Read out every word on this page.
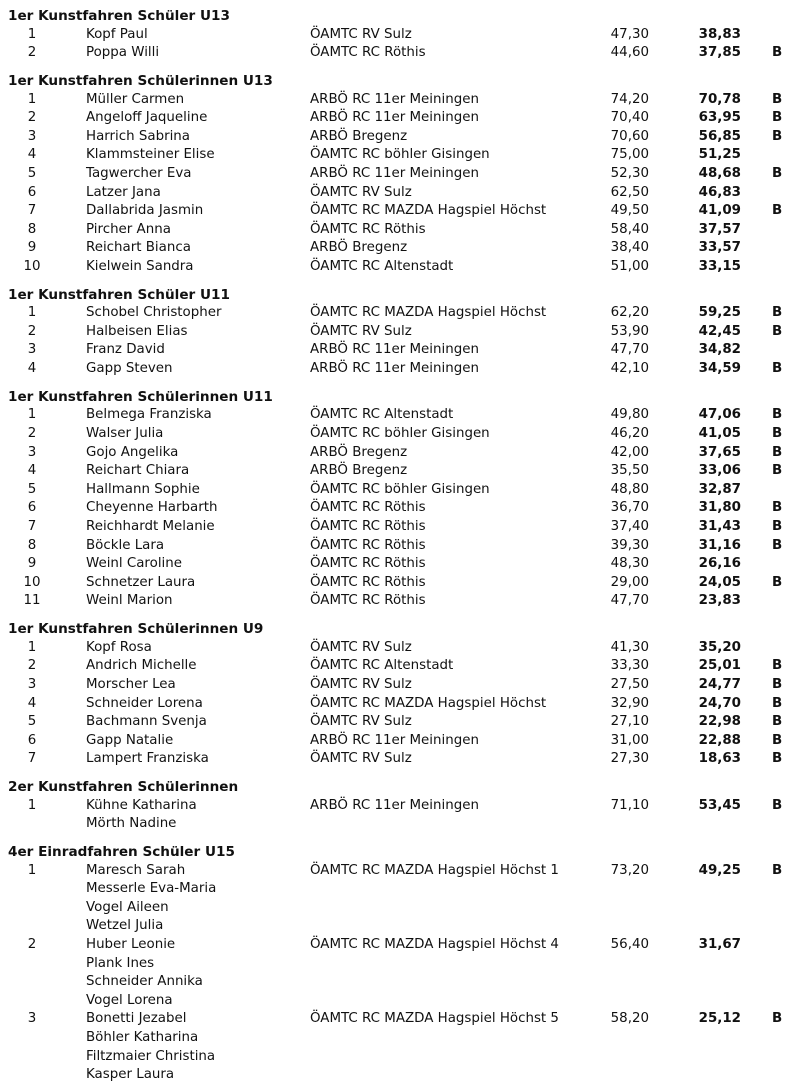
1er Kunstfahren Schüler U13
1	Kopf Paul	ÖAMTC RV Sulz	47,30	38,83
2	Poppa Willi	ÖAMTC RC Röthis	44,60	37,85 B
1er Kunstfahren Schülerinnen U13
1	Müller Carmen	ARBÖ RC 11er Meiningen	74,20	70,78 B
2	Angeloff Jaqueline	ARBÖ RC 11er Meiningen	70,40	63,95 B
3	Harrich Sabrina	ARBÖ Bregenz	70,60	56,85 B
4	Klammsteiner Elise	ÖAMTC RC böhler Gisingen	75,00	51,25
5	Tagwercher Eva	ARBÖ RC 11er Meiningen	52,30	48,68 B
6	Latzer Jana	ÖAMTC RV Sulz	62,50	46,83
7	Dallabrida Jasmin	ÖAMTC RC MAZDA Hagspiel Höchst	49,50	41,09 B
8	Pircher Anna	ÖAMTC RC Röthis	58,40	37,57
9	Reichart Bianca	ARBÖ Bregenz	38,40	33,57
10	Kielwein Sandra	ÖAMTC RC Altenstadt	51,00	33,15
1er Kunstfahren Schüler U11
1	Schobel Christopher	ÖAMTC RC MAZDA Hagspiel Höchst	62,20	59,25 B
2	Halbeisen Elias	ÖAMTC RV Sulz	53,90	42,45 B
3	Franz David	ARBÖ RC 11er Meiningen	47,70	34,82
4	Gapp Steven	ARBÖ RC 11er Meiningen	42,10	34,59 B
1er Kunstfahren Schülerinnen U11
1	Belmega Franziska	ÖAMTC RC Altenstadt	49,80	47,06 B
2	Walser Julia	ÖAMTC RC böhler Gisingen	46,20	41,05 B
3	Gojo Angelika	ARBÖ Bregenz	42,00	37,65 B
4	Reichart Chiara	ARBÖ Bregenz	35,50	33,06 B
5	Hallmann Sophie	ÖAMTC RC böhler Gisingen	48,80	32,87
6	Cheyenne Harbarth	ÖAMTC RC Röthis	36,70	31,80 B
7	Reichhardt Melanie	ÖAMTC RC Röthis	37,40	31,43 B
8	Böckle Lara	ÖAMTC RC Röthis	39,30	31,16 B
9	Weinl Caroline	ÖAMTC RC Röthis	48,30	26,16
10	Schnetzer Laura	ÖAMTC RC Röthis	29,00	24,05 B
11	Weinl Marion	ÖAMTC RC Röthis	47,70	23,83
1er Kunstfahren Schülerinnen U9
1	Kopf Rosa	ÖAMTC RV Sulz	41,30	35,20
2	Andrich Michelle	ÖAMTC RC Altenstadt	33,30	25,01 B
3	Morscher Lea	ÖAMTC RV Sulz	27,50	24,77 B
4	Schneider Lorena	ÖAMTC RC MAZDA Hagspiel Höchst	32,90	24,70 B
5	Bachmann Svenja	ÖAMTC RV Sulz	27,10	22,98 B
6	Gapp Natalie	ARBÖ RC 11er Meiningen	31,00	22,88 B
7	Lampert Franziska	ÖAMTC RV Sulz	27,30	18,63 B
2er Kunstfahren Schülerinnen
1	Kühne Katharina	ARBÖ RC 11er Meiningen	71,10	53,45 B
Mörth Nadine
4er Einradfahren Schüler U15
1	Maresch Sarah	ÖAMTC RC MAZDA Hagspiel Höchst 1	73,20	49,25 B
Messerle Eva-Maria
Vogel Aileen
Wetzel Julia
2	Huber Leonie	ÖAMTC RC MAZDA Hagspiel Höchst 4	56,40	31,67
Plank Ines
Schneider Annika
Vogel Lorena
3	Bonetti Jezabel	ÖAMTC RC MAZDA Hagspiel Höchst 5	58,20	25,12 B
Böhler Katharina
Filtzmaier Christina
Kasper Laura
